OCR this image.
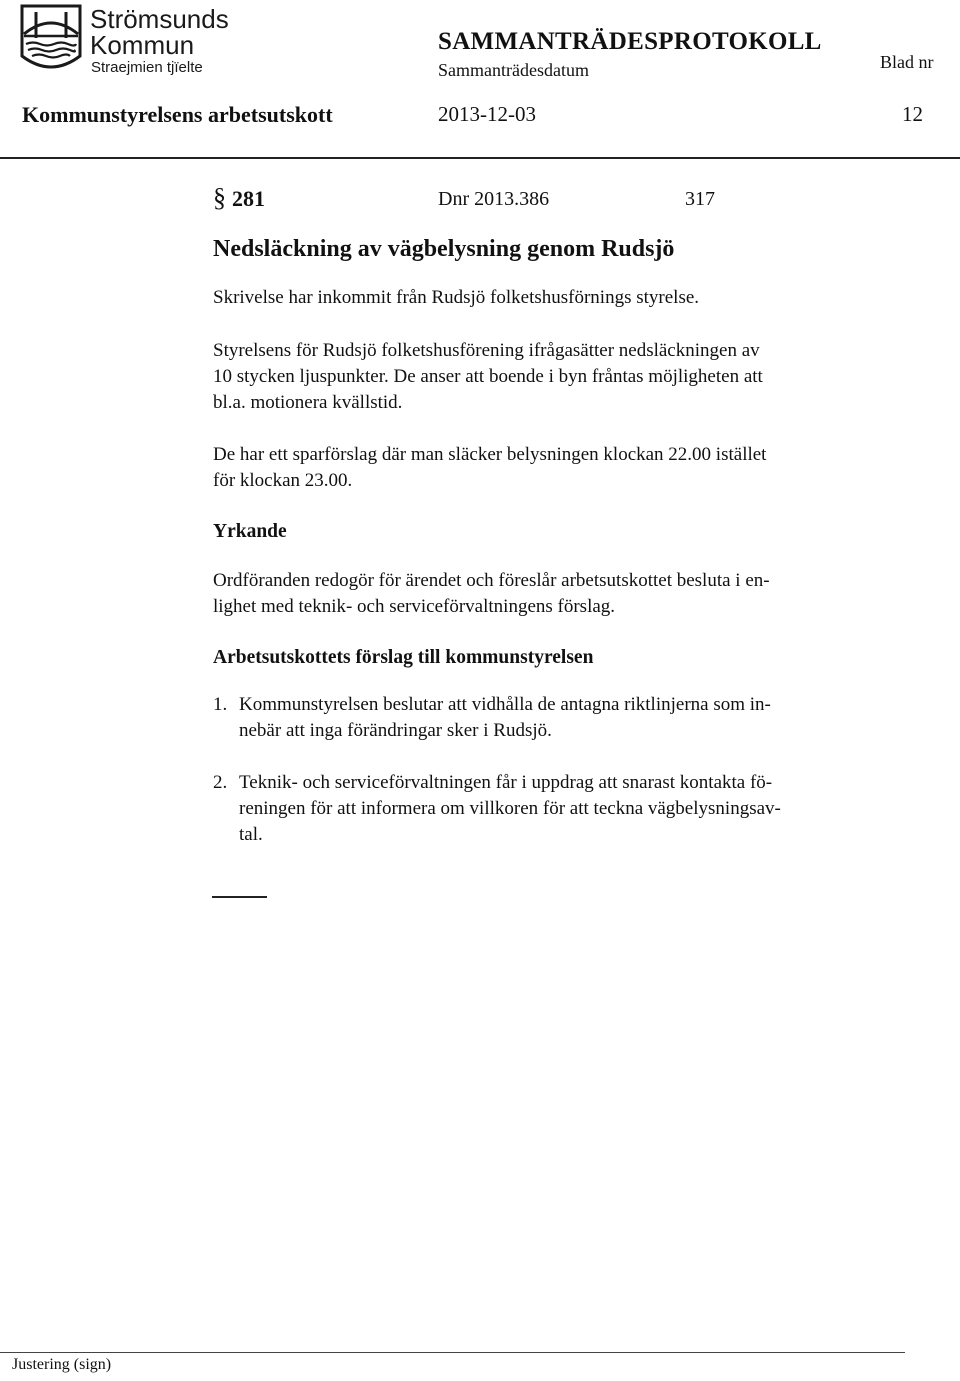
Strömsunds
Kommun
Straejmien tjïelte
SAMMANTRÄDESPROTOKOLL
Sammanträdesdatum	Blad nr
Kommunstyrelsens arbetsutskott	2013-12-03	12
§ 281	Dnr 2013.386	317
Nedsläckning av vägbelysning genom Rudsjö
Skrivelse har inkommit från Rudsjö folketshusförnings styrelse.
Styrelsens för Rudsjö folketshusförening ifrågasätter nedsläckningen av
10 stycken ljuspunkter. De anser att boende i byn fråntas möjligheten att
bl.a. motionera kvällstid.
De har ett sparförslag där man släcker belysningen klockan 22.00 istället
för klockan 23.00.
Yrkande
Ordföranden redogör för ärendet och föreslår arbetsutskottet besluta i en-
lighet med teknik- och serviceförvaltningens förslag.
Arbetsutskottets förslag till kommunstyrelsen
1. Kommunstyrelsen beslutar att vidhålla de antagna riktlinjerna som in-
nebär att inga förändringar sker i Rudsjö.
2. Teknik- och serviceförvaltningen får i uppdrag att snarast kontakta fö-
reningen för att informera om villkoren för att teckna vägbelysningsav-
tal.
Justering (sign)
